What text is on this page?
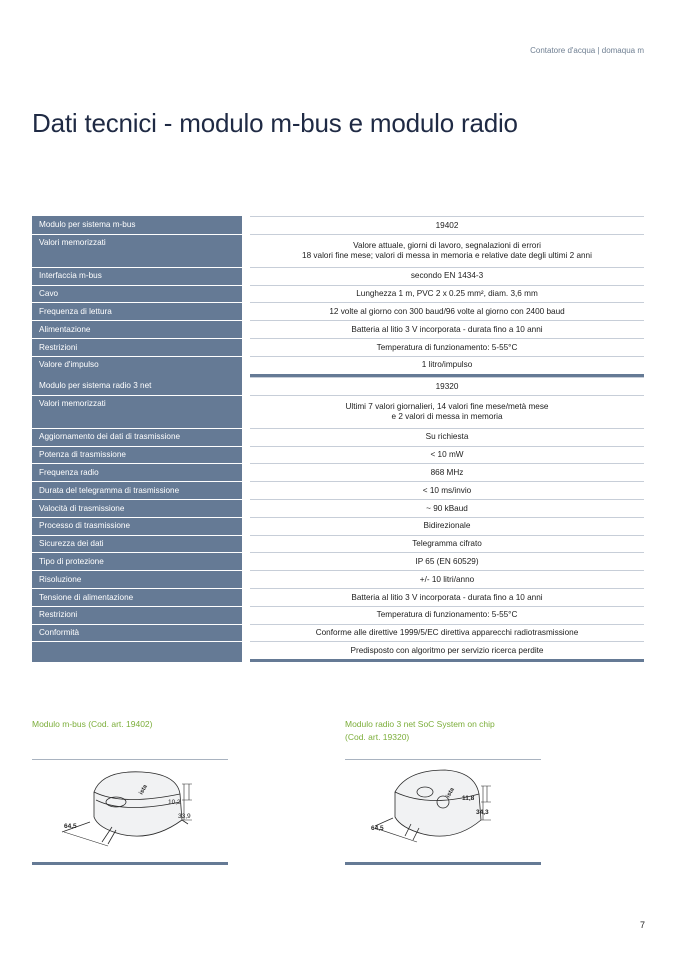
Contatore d'acqua | domaqua m
Dati tecnici - modulo m-bus e modulo radio
Modulo per sistema m-bus		19402

Valori memorizzati		Valore attuale, giorni di lavoro, segnalazioni di errori
18 valori fine mese; valori di messa in memoria e relative date degli ultimi 2 anni

Interfaccia m-bus		secondo EN 1434-3

Cavo		Lunghezza 1 m, PVC 2 x 0.25 mm², diam. 3,6 mm

Frequenza di lettura		12 volte al giorno con 300 baud/96 volte al giorno con 2400 baud

Alimentazione		Batteria al litio 3 V incorporata - durata fino a 10 anni

Restrizioni		Temperatura di funzionamento: 5-55°C

Valore d'impulso		1 litro/impulso
Modulo per sistema radio 3 net		19320

Valori memorizzati		Ultimi 7 valori giornalieri, 14 valori fine mese/metà mese
e 2 valori di messa in memoria

Aggiornamento dei dati di trasmissione		Su richiesta

Potenza di trasmissione		< 10 mW

Frequenza radio		868 MHz

Durata del telegramma di trasmissione		< 10 ms/invio

Valocità di trasmissione		~ 90 kBaud

Processo di trasmissione		Bidirezionale

Sicurezza dei dati		Telegramma cifrato

Tipo di protezione		IP 65 (EN 60529)

Risoluzione		+/- 10 litri/anno

Tensione di alimentazione		Batteria al litio 3 V incorporata - durata fino a 10 anni

Restrizioni		Temperatura di funzionamento: 5-55°C

Conformità		Conforme alle direttive 1999/5/EC direttiva apparecchi radiotrasmissione

		Predisposto con algoritmo per servizio ricerca perdite

Modulo m-bus (Cod. art. 19402)

ista
10,2
33,9
64,5

Modulo radio 3 net SoC System on chip

(Cod. art. 19320)

ista 11,8
34,3
64,5
7
